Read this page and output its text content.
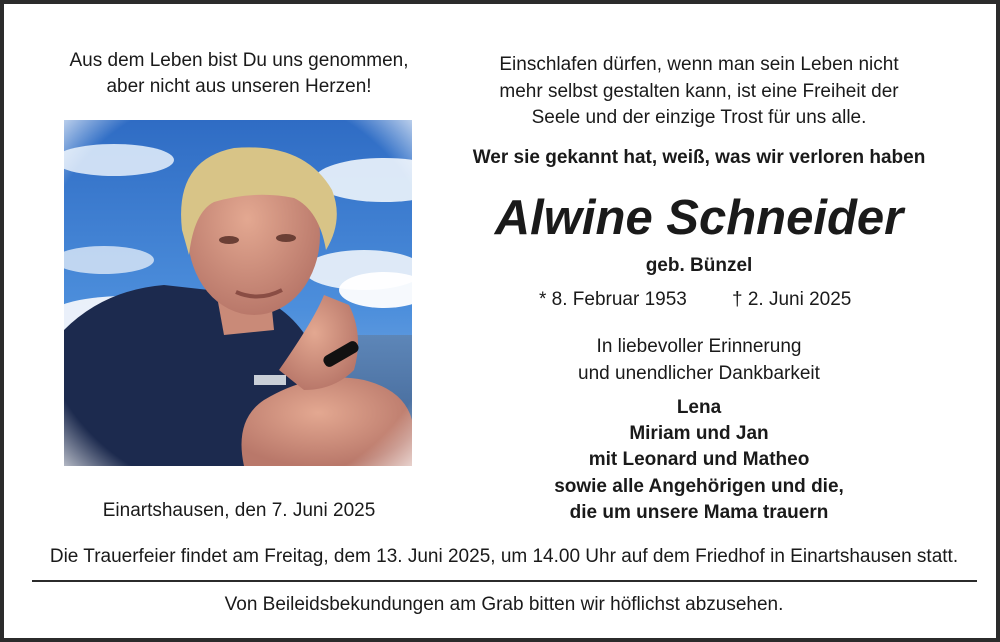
Aus dem Leben bist Du uns genommen,
aber nicht aus unseren Herzen!
Einartshausen, den 7. Juni 2025
Einschlafen dürfen, wenn man sein Leben nicht
mehr selbst gestalten kann, ist eine Freiheit der
Seele und der einzige Trost für uns alle.
Wer sie gekannt hat, weiß, was wir verloren haben
Alwine Schneider
geb. Bünzel
* 8. Februar 1953 † 2. Juni 2025
In liebevoller Erinnerung
und unendlicher Dankbarkeit
Lena
Miriam und Jan
mit Leonard und Matheo
sowie alle Angehörigen und die,
die um unsere Mama trauern
Die Trauerfeier findet am Freitag, dem 13. Juni 2025, um 14.00 Uhr auf dem Friedhof in Einartshausen statt.
Von Beileidsbekundungen am Grab bitten wir höflichst abzusehen.
